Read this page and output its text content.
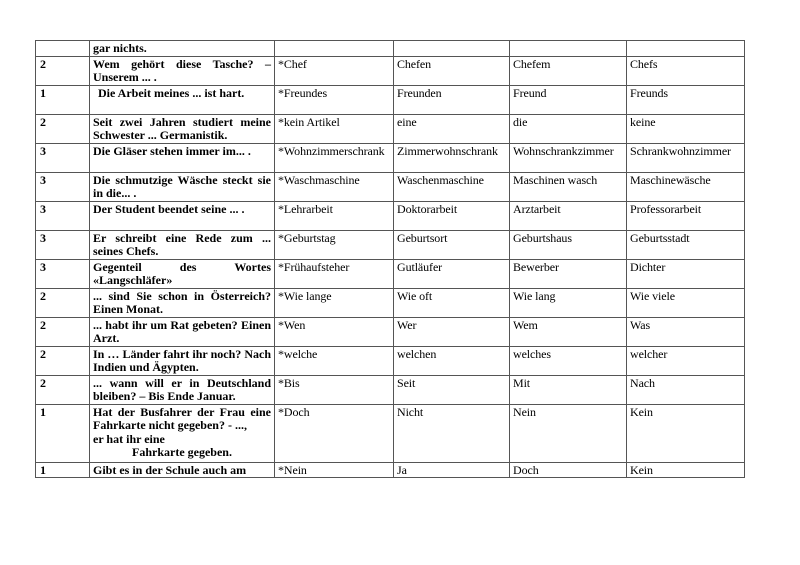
	gar nichts.				
2	Wem gehört diese Tasche? – Unserem ... .	*Chef	Chefen	Chefem	Chefs
1	Die Arbeit meines ... ist hart.	*Freundes	Freunden	Freund	Freunds
2	Seit zwei Jahren studiert meine Schwester ... Germanistik.	*kein Artikel	eine	die	keine
3	Die Gläser stehen immer im... .	*Wohnzimmerschrank	Zimmerwohnschrank	Wohnschrankzimmer	Schrankwohnzimmer
3	Die schmutzige Wäsche steckt sie in die... .	*Waschmaschine	Waschenmaschine	Maschinen wasch	Maschinewäsche
3	Der Student beendet seine ... .	*Lehrarbeit	Doktorarbeit	Arztarbeit	Professorarbeit
3	Er schreibt eine Rede zum ... seines Chefs.	*Geburtstag	Geburtsort	Geburtshaus	Geburtsstadt
3	Gegenteil des Wortes «Langschläfer»	*Frühaufsteher	Gutläufer	Bewerber	Dichter
2	... sind Sie schon in Österreich? Einen Monat.	*Wie lange	Wie oft	Wie lang	Wie viele
2	... habt ihr um Rat gebeten? Einen Arzt.	*Wen	Wer	Wem	Was
2	In … Länder fahrt ihr noch? Nach Indien und Ägypten.	*welche	welchen	welches	welcher
2	... wann will er in Deutschland bleiben? – Bis Ende Januar.	*Bis	Seit	Mit	Nach
1	Hat der Busfahrer der Frau eine Fahrkarte nicht gegeben? - ...,
er hat ihr eine
Fahrkarte gegeben.	*Doch	Nicht	Nein	Kein
1	Gibt es in der Schule auch am	*Nein	Ja	Doch	Kein
